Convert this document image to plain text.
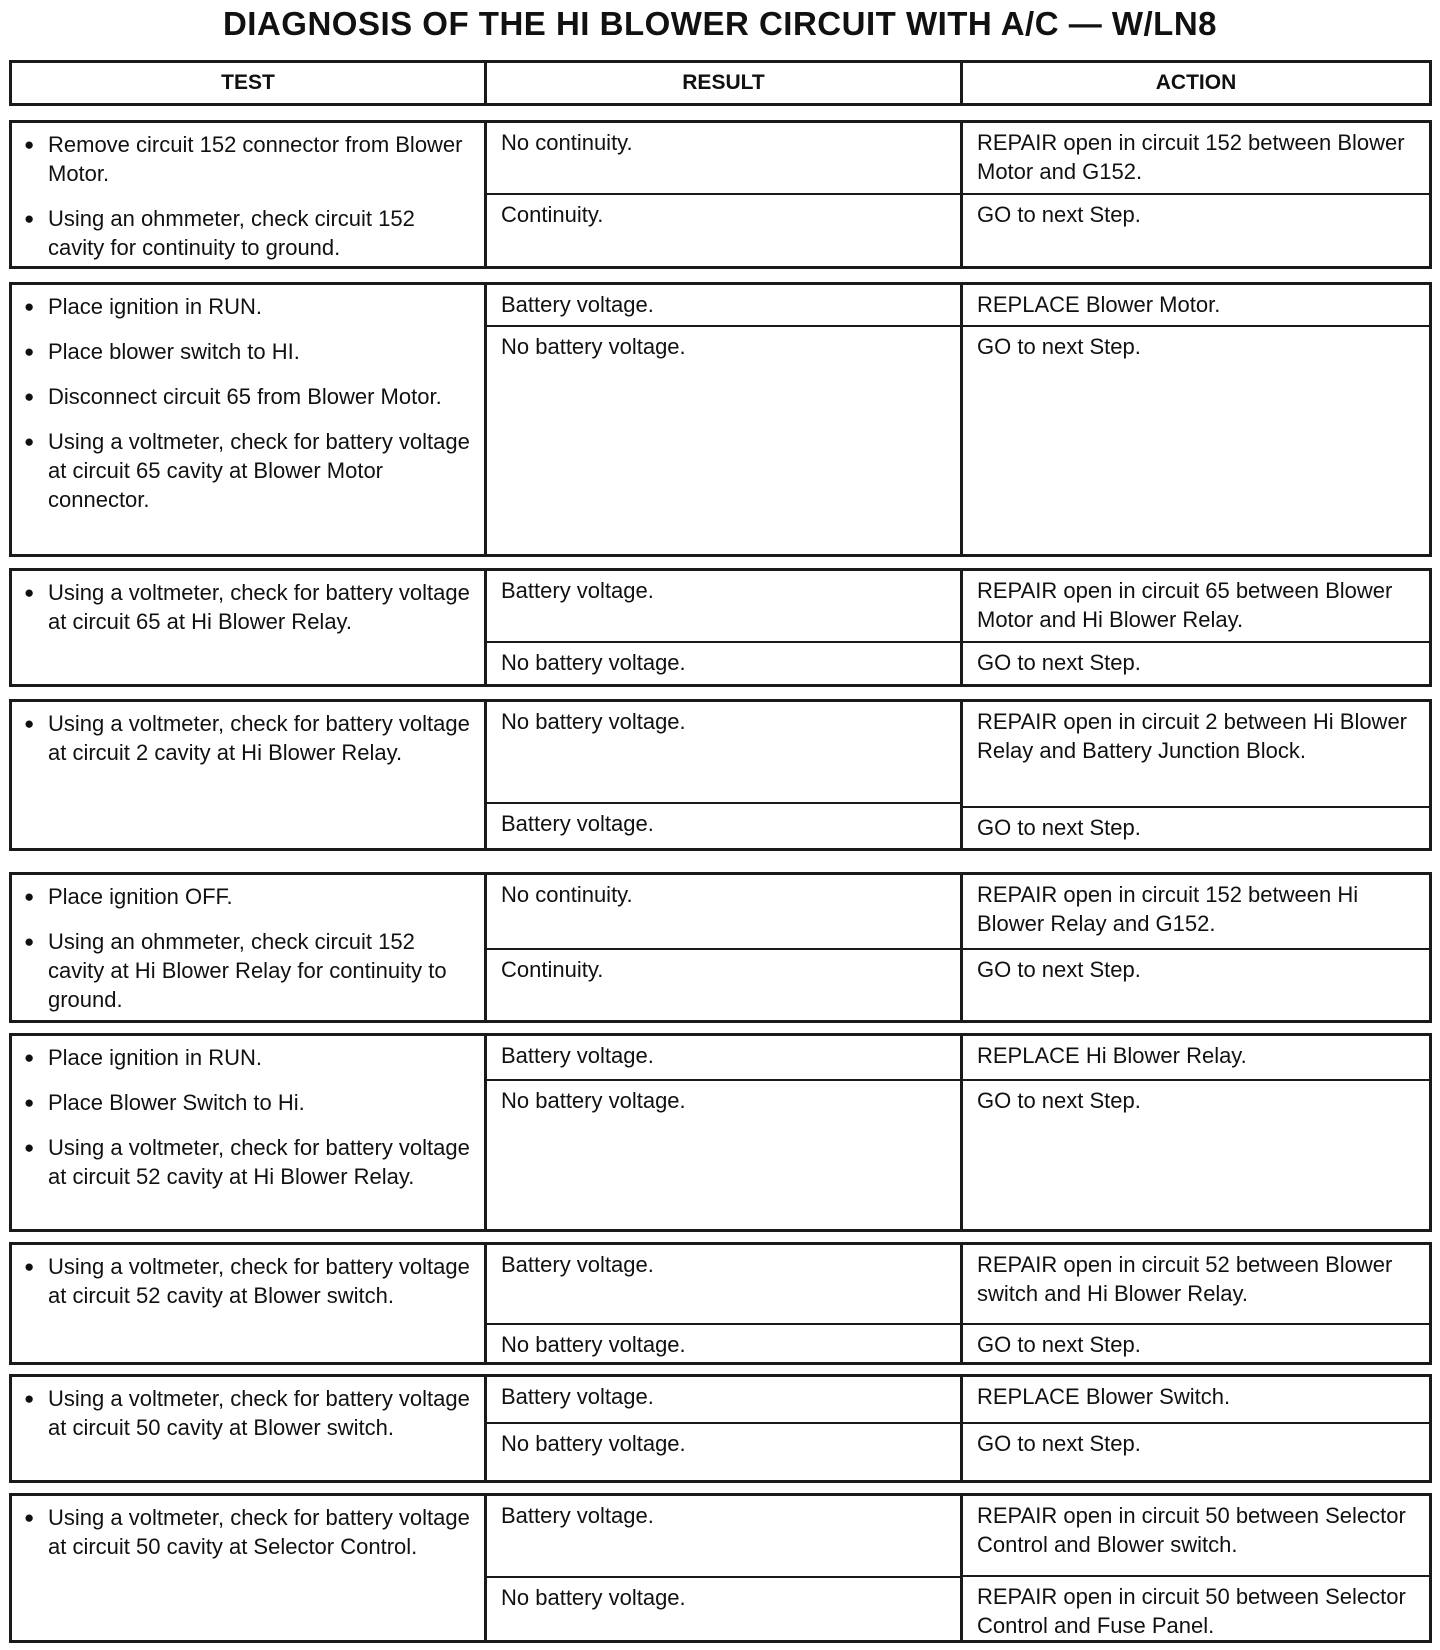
DIAGNOSIS OF THE HI BLOWER CIRCUIT WITH A/C — W/LN8
TEST	RESULT	ACTION
● Remove circuit 152 connector from Blower Motor.
● Using an ohmmeter, check circuit 152 cavity for continuity to ground.
No continuity.
Continuity.
REPAIR open in circuit 152 between Blower Motor and G152.
GO to next Step.
● Place ignition in RUN.
● Place blower switch to HI.
● Disconnect circuit 65 from Blower Motor.
● Using a voltmeter, check for battery voltage at circuit 65 cavity at Blower Motor connector.
Battery voltage.
No battery voltage.
REPLACE Blower Motor.
GO to next Step.
● Using a voltmeter, check for battery voltage at circuit 65 at Hi Blower Relay.
Battery voltage.
No battery voltage.
REPAIR open in circuit 65 between Blower Motor and Hi Blower Relay.
GO to next Step.
● Using a voltmeter, check for battery voltage at circuit 2 cavity at Hi Blower Relay.
No battery voltage.
Battery voltage.
REPAIR open in circuit 2 between Hi Blower Relay and Battery Junction Block.
GO to next Step.
● Place ignition OFF.
● Using an ohmmeter, check circuit 152 cavity at Hi Blower Relay for continuity to ground.
No continuity.
Continuity.
REPAIR open in circuit 152 between Hi Blower Relay and G152.
GO to next Step.
● Place ignition in RUN.
● Place Blower Switch to Hi.
● Using a voltmeter, check for battery voltage at circuit 52 cavity at Hi Blower Relay.
Battery voltage.
No battery voltage.
REPLACE Hi Blower Relay.
GO to next Step.
● Using a voltmeter, check for battery voltage at circuit 52 cavity at Blower switch.
Battery voltage.
No battery voltage.
REPAIR open in circuit 52 between Blower switch and Hi Blower Relay.
GO to next Step.
● Using a voltmeter, check for battery voltage at circuit 50 cavity at Blower switch.
Battery voltage.
No battery voltage.
REPLACE Blower Switch.
GO to next Step.
● Using a voltmeter, check for battery voltage at circuit 50 cavity at Selector Control.
Battery voltage.
No battery voltage.
REPAIR open in circuit 50 between Selector Control and Blower switch.
REPAIR open in circuit 50 between Selector Control and Fuse Panel.
